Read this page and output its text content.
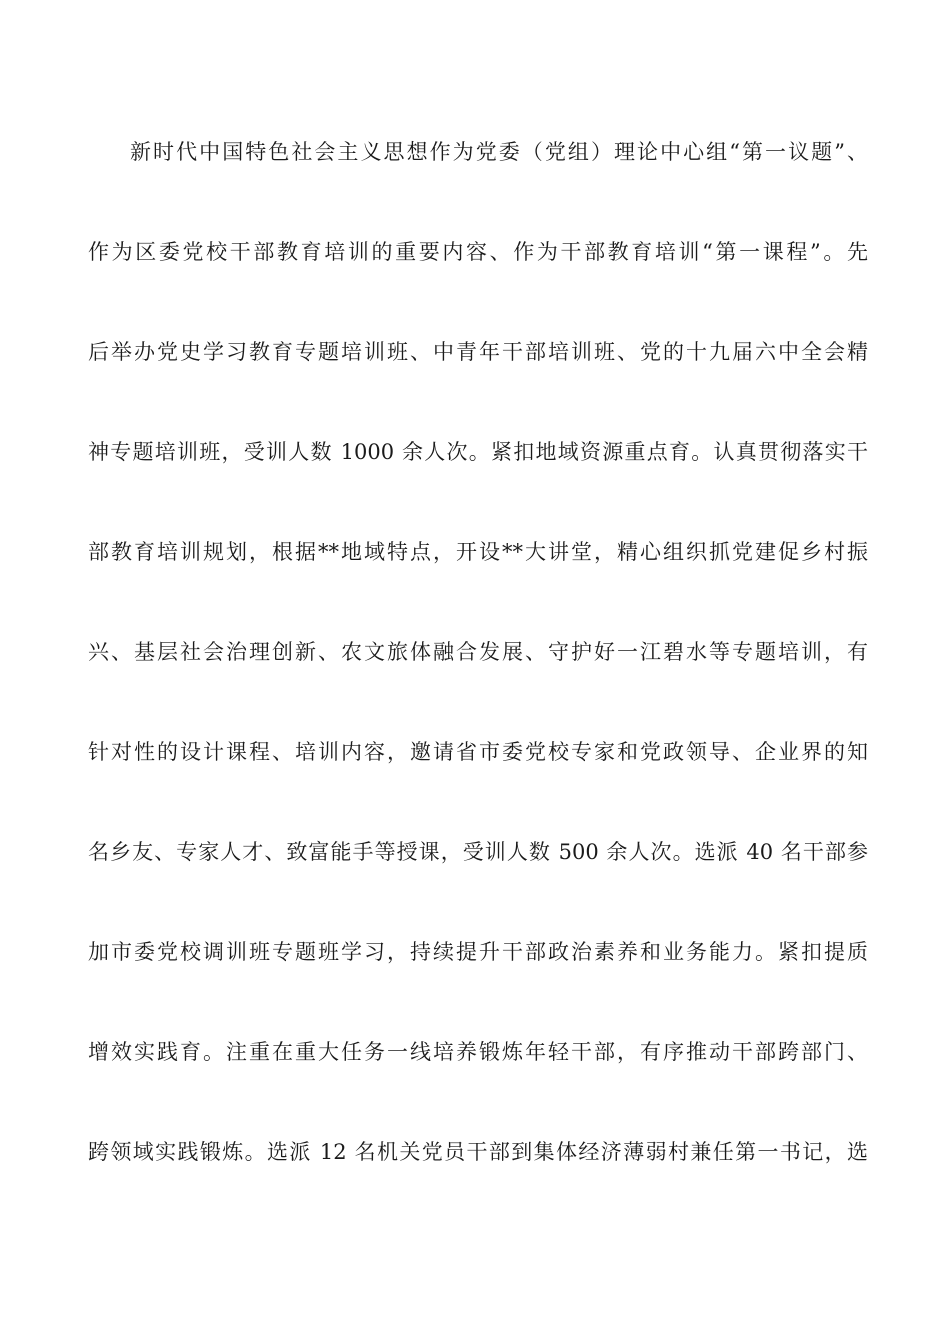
新时代中国特色社会主义思想作为党委（党组）理论中心组“第一议题”、
作为区委党校干部教育培训的重要内容、作为干部教育培训“第一课程”。先
后举办党史学习教育专题培训班、中青年干部培训班、党的十九届六中全会精
神专题培训班，受训人数 1000 余人次。紧扣地域资源重点育。认真贯彻落实干
部教育培训规划，根据**地域特点，开设**大讲堂，精心组织抓党建促乡村振
兴、基层社会治理创新、农文旅体融合发展、守护好一江碧水等专题培训，有
针对性的设计课程、培训内容，邀请省市委党校专家和党政领导、企业界的知
名乡友、专家人才、致富能手等授课，受训人数 500 余人次。选派 40 名干部参
加市委党校调训班专题班学习，持续提升干部政治素养和业务能力。紧扣提质
增效实践育。注重在重大任务一线培养锻炼年轻干部，有序推动干部跨部门、
跨领域实践锻炼。选派 12 名机关党员干部到集体经济薄弱村兼任第一书记，选
